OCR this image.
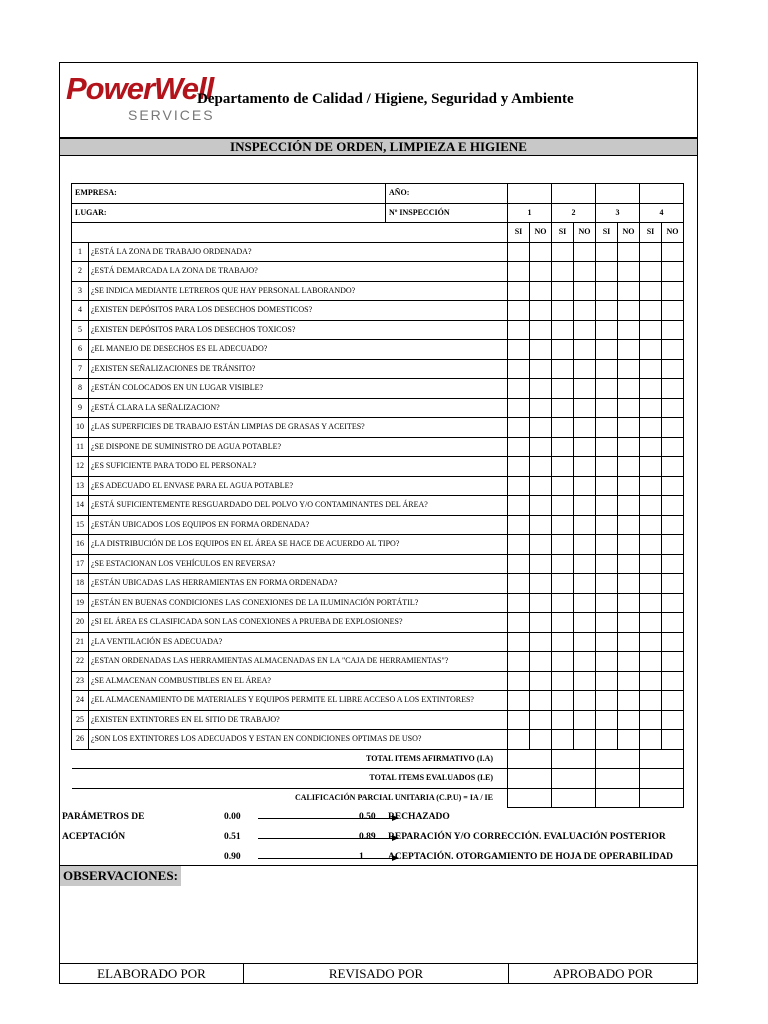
PowerWell
SERVICES
Departamento de Calidad / Higiene, Seguridad y Ambiente
INSPECCIÓN DE ORDEN, LIMPIEZA E HIGIENE
EMPRESA:		AÑO:								
LUGAR:		Nº INSPECCIÓN	1		2		3		4	
			SI	NO	SI	NO	SI	NO	SI	NO
1	¿ESTÁ LA ZONA DE TRABAJO ORDENADA?									
2	¿ESTÁ DEMARCADA LA ZONA DE TRABAJO?									
3	¿SE INDICA MEDIANTE LETREROS QUE HAY PERSONAL LABORANDO?									
4	¿EXISTEN DEPÓSITOS PARA LOS DESECHOS DOMESTICOS?									
5	¿EXISTEN DEPÓSITOS PARA LOS DESECHOS TOXICOS?									
6	¿EL MANEJO DE DESECHOS ES EL ADECUADO?									
7	¿EXISTEN SEÑALIZACIONES DE TRÁNSITO?									
8	¿ESTÁN COLOCADOS EN UN LUGAR VISIBLE?									
9	¿ESTÁ CLARA LA SEÑALIZACION?									
10	¿LAS SUPERFICIES DE TRABAJO ESTÁN LIMPIAS DE GRASAS Y ACEITES?									
11	¿SE DISPONE DE SUMINISTRO DE AGUA POTABLE?									
12	¿ES SUFICIENTE PARA TODO EL PERSONAL?									
13	¿ES ADECUADO EL ENVASE PARA EL AGUA POTABLE?									
14	¿ESTÁ SUFICIENTEMENTE RESGUARDADO DEL POLVO Y/O CONTAMINANTES DEL ÁREA?									
15	¿ESTÁN UBICADOS LOS EQUIPOS EN FORMA ORDENADA?									
16	¿LA DISTRIBUCIÓN DE LOS EQUIPOS EN EL ÁREA SE HACE DE ACUERDO AL TIPO?									
17	¿SE ESTACIONAN LOS VEHÍCULOS EN REVERSA?									
18	¿ESTÁN UBICADAS LAS HERRAMIENTAS EN FORMA ORDENADA?									
19	¿ESTÁN EN BUENAS CONDICIONES LAS CONEXIONES DE LA ILUMINACIÓN PORTÁTIL?									
20	¿SI EL ÁREA ES CLASIFICADA SON LAS CONEXIONES A PRUEBA DE EXPLOSIONES?									
21	¿LA VENTILACIÓN ES ADECUADA?									
22	¿ESTAN ORDENADAS LAS HERRAMIENTAS ALMACENADAS EN LA "CAJA DE HERRAMIENTAS"?									
23	¿SE ALMACENAN COMBUSTIBLES EN EL ÁREA?									
24	¿EL ALMACENAMIENTO DE MATERIALES Y EQUIPOS PERMITE EL LIBRE ACCESO A LOS EXTINTORES?									
25	¿EXISTEN EXTINTORES EN EL SITIO DE TRABAJO?									
26	¿SON LOS EXTINTORES LOS ADECUADOS Y ESTAN EN CONDICIONES OPTIMAS DE USO?									
TOTAL ITEMS AFIRMATIVO (I.A)										
TOTAL ITEMS EVALUADOS (I.E)										
CALIFICACIÓN PARCIAL UNITARIA (C.P.U) = IA / IE										
PARÁMETROS DE
ACEPTACIÓN
0.00	0.50 RECHAZADO
0.51	0.89 REPARACIÓN Y/O CORRECCIÓN. EVALUACIÓN POSTERIOR
0.90	1	ACEPTACIÓN. OTORGAMIENTO DE HOJA DE OPERABILIDAD
OBSERVACIONES:
ELABORADO POR	REVISADO POR	APROBADO POR
